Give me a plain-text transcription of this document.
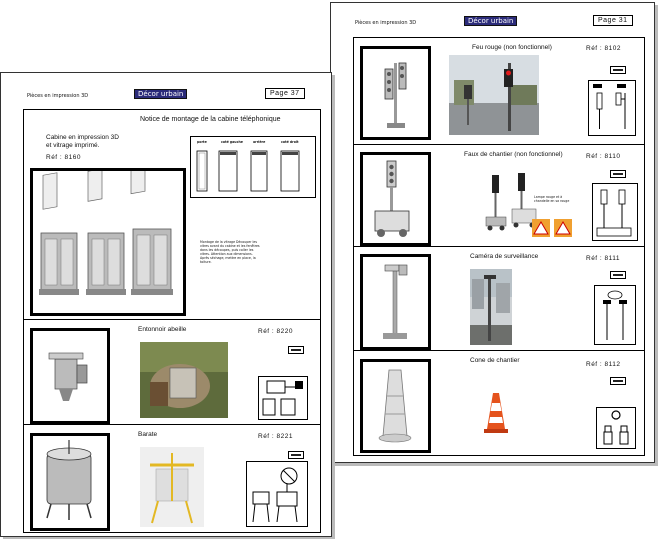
Pièces en impression 3D	Décor urbain	Page 31
Feu rouge (non fonctionnel)	Réf : 8102
Faux de chantier (non fonctionnel)	Réf : 8110
Lampe rouge et à chandelle en sa rouge
Caméra de surveillance	Réf : 8111
Cone de chantier
Réf : 8112
Pièces en impression 3D	Décor urbain	Page 37
Notice de montage de la cabine téléphonique
Cabine en impression 3D
et vitrage imprimé.
Réf : 8160
porte	coté gauche	arrière	coté droit
Montage de la vitrage Découper les vitres avant du cabine et les fenêtres dans les découpes, puis coller les vitres. Attention aux dimensions. Après séchage, mettre en place, la toiture.
Entonnoir abeille	Réf : 8220
Barate	Réf : 8221
